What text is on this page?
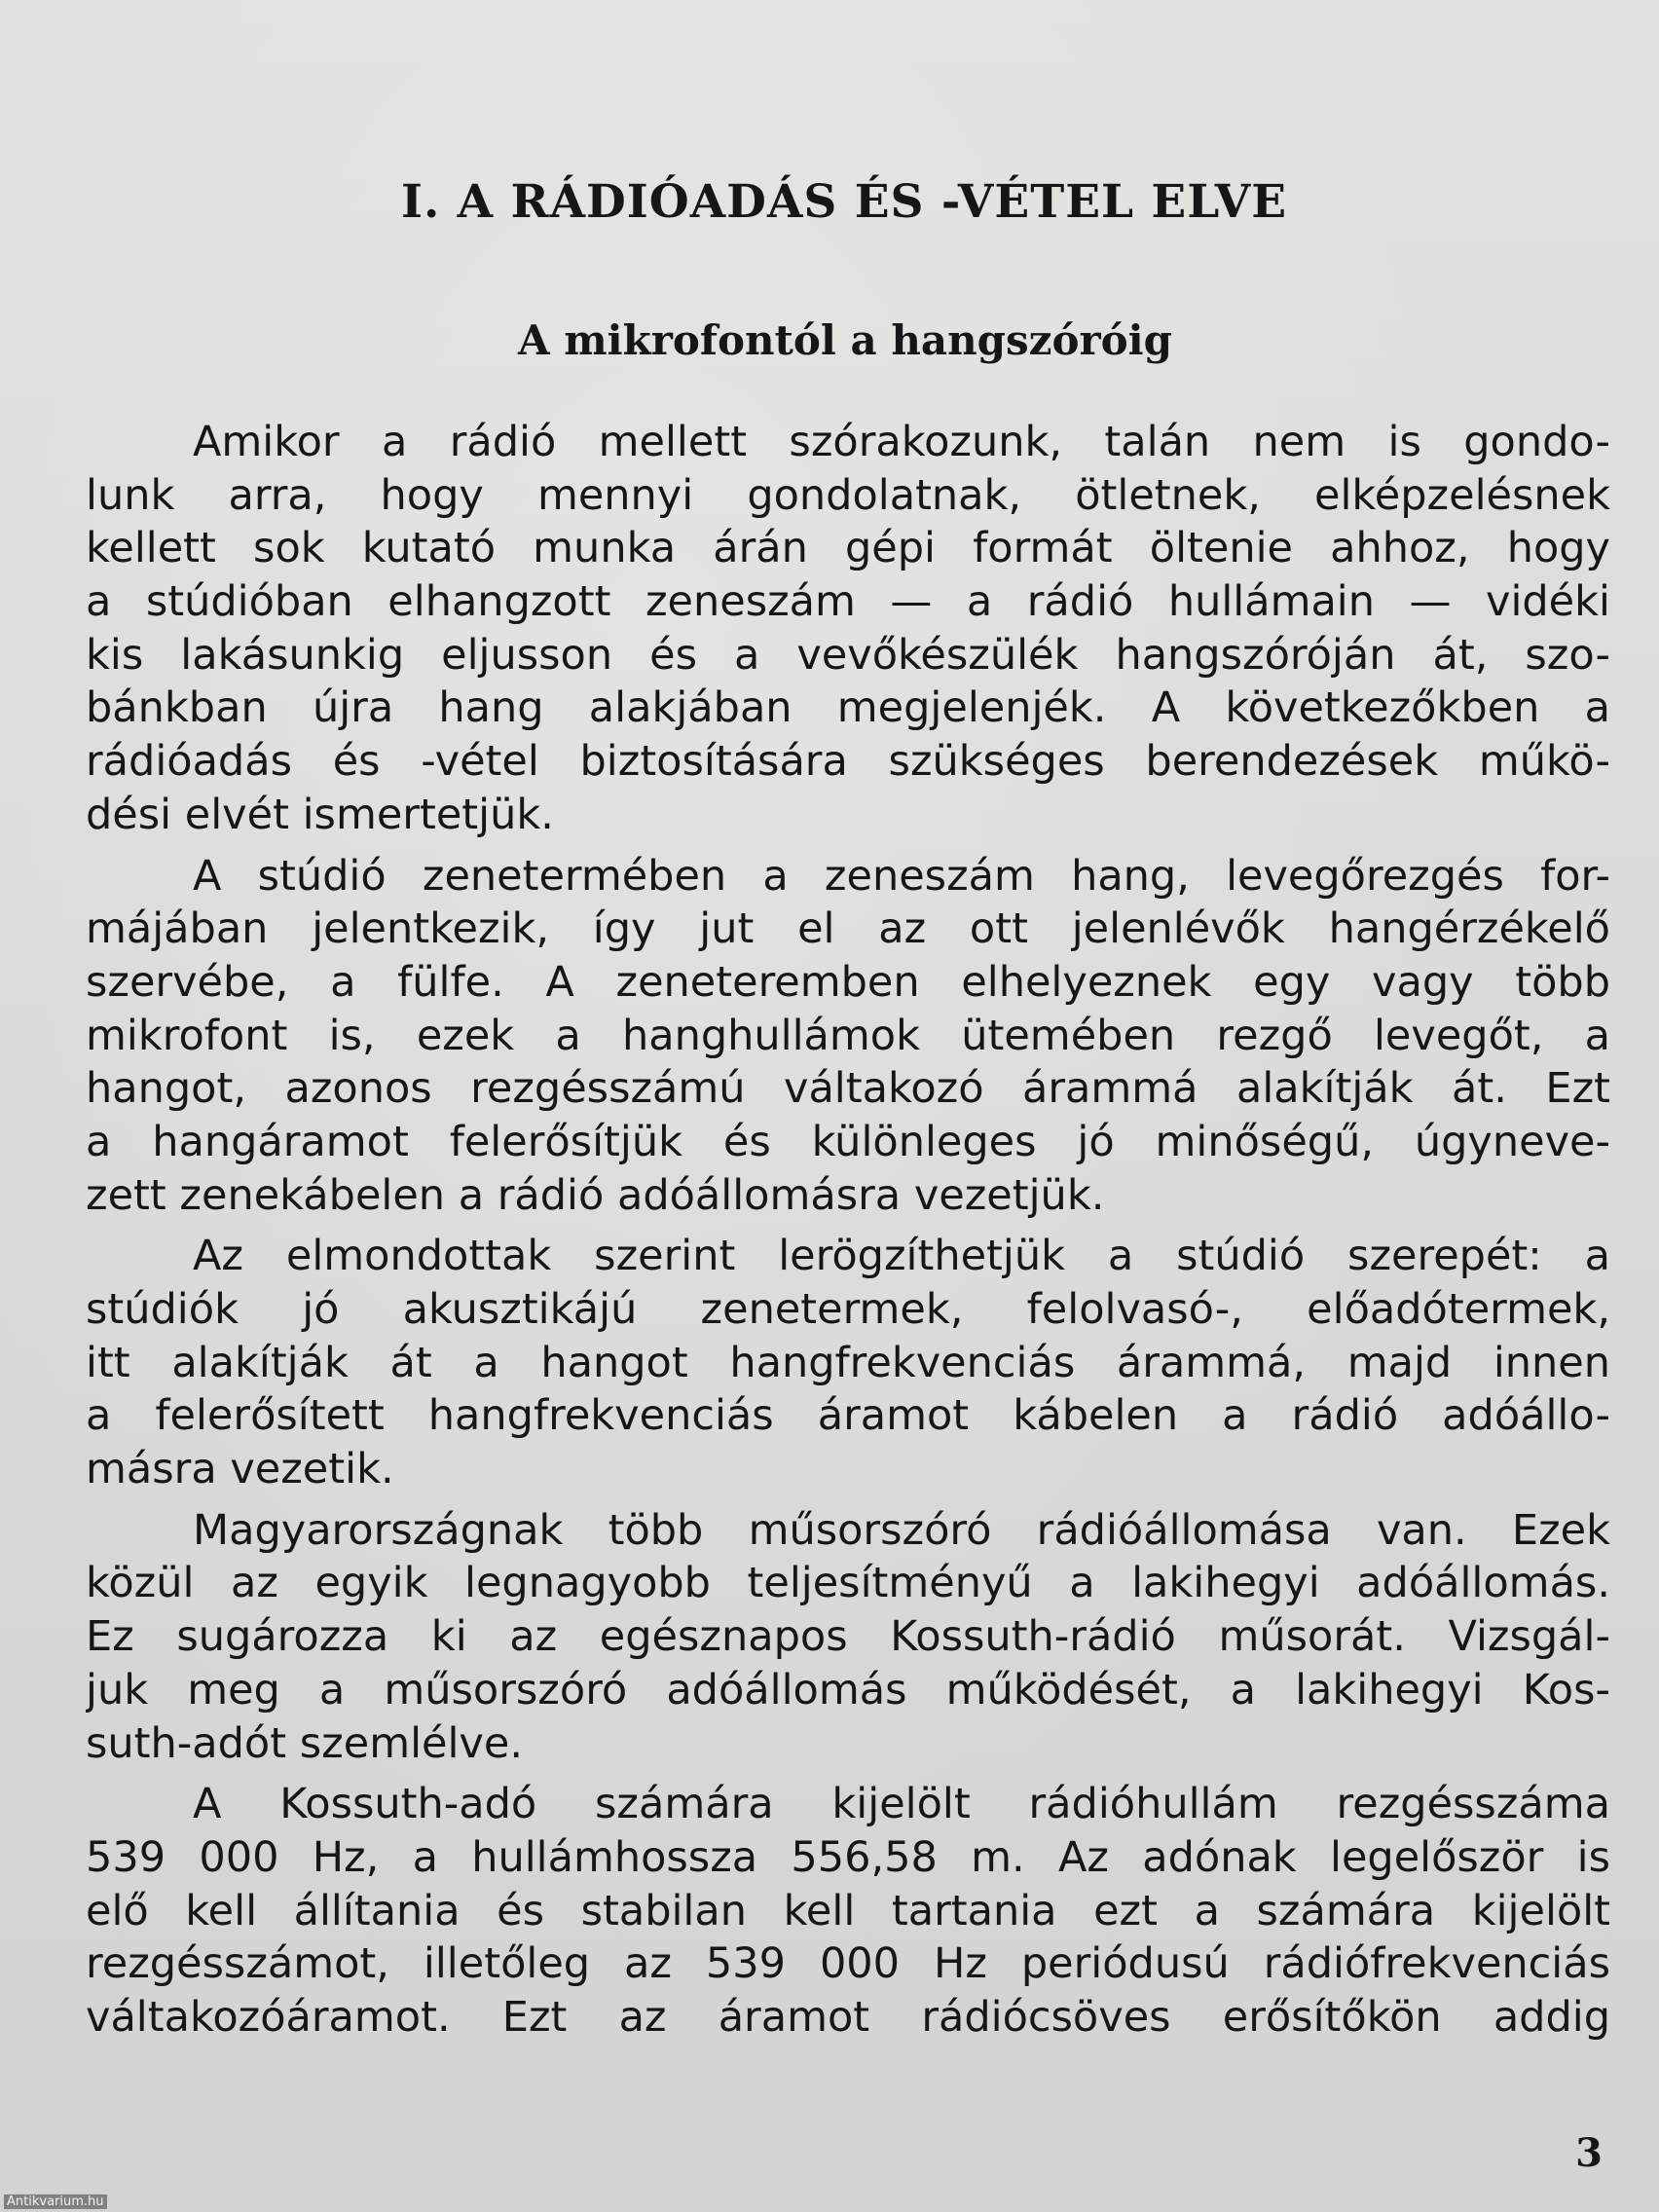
I. A RÁDIÓADÁS ÉS -VÉTEL ELVE
A mikrofontól a hangszóróig
Amikor a rádió mellett szórakozunk, talán nem is gondo-
lunk arra, hogy mennyi gondolatnak, ötletnek, elképzelésnek
kellett sok kutató munka árán gépi formát öltenie ahhoz, hogy
a stúdióban elhangzott zeneszám — a rádió hullámain — vidéki
kis lakásunkig eljusson és a vevőkészülék hangszóróján át, szo-
bánkban újra hang alakjában megjelenjék. A következőkben a
rádióadás és -vétel biztosítására szükséges berendezések műkö-
dési elvét ismertetjük.
A stúdió zenetermében a zeneszám hang, levegőrezgés for-
májában jelentkezik, így jut el az ott jelenlévők hangérzékelő
szervébe, a fülfe. A zeneteremben elhelyeznek egy vagy több
mikrofont is, ezek a hanghullámok ütemében rezgő levegőt, a
hangot, azonos rezgésszámú váltakozó árammá alakítják át. Ezt
a hangáramot felerősítjük és különleges jó minőségű, úgyneve-
zett zenekábelen a rádió adóállomásra vezetjük.
Az elmondottak szerint lerögzíthetjük a stúdió szerepét: a
stúdiók jó akusztikájú zenetermek, felolvasó-, előadótermek,
itt alakítják át a hangot hangfrekvenciás árammá, majd innen
a felerősített hangfrekvenciás áramot kábelen a rádió adóállo-
másra vezetik.
Magyarországnak több műsorszóró rádióállomása van. Ezek
közül az egyik legnagyobb teljesítményű a lakihegyi adóállomás.
Ez sugározza ki az egésznapos Kossuth-rádió műsorát. Vizsgál-
juk meg a műsorszóró adóállomás működését, a lakihegyi Kos-
suth-adót szemlélve.
A Kossuth-adó számára kijelölt rádióhullám rezgésszáma
539 000 Hz, a hullámhossza 556,58 m. Az adónak legelőször is
elő kell állítania és stabilan kell tartania ezt a számára kijelölt
rezgésszámot, illetőleg az 539 000 Hz periódusú rádiófrekvenciás
váltakozóáramot. Ezt az áramot rádiócsöves erősítőkön addig
3
Antikvarium.hu
